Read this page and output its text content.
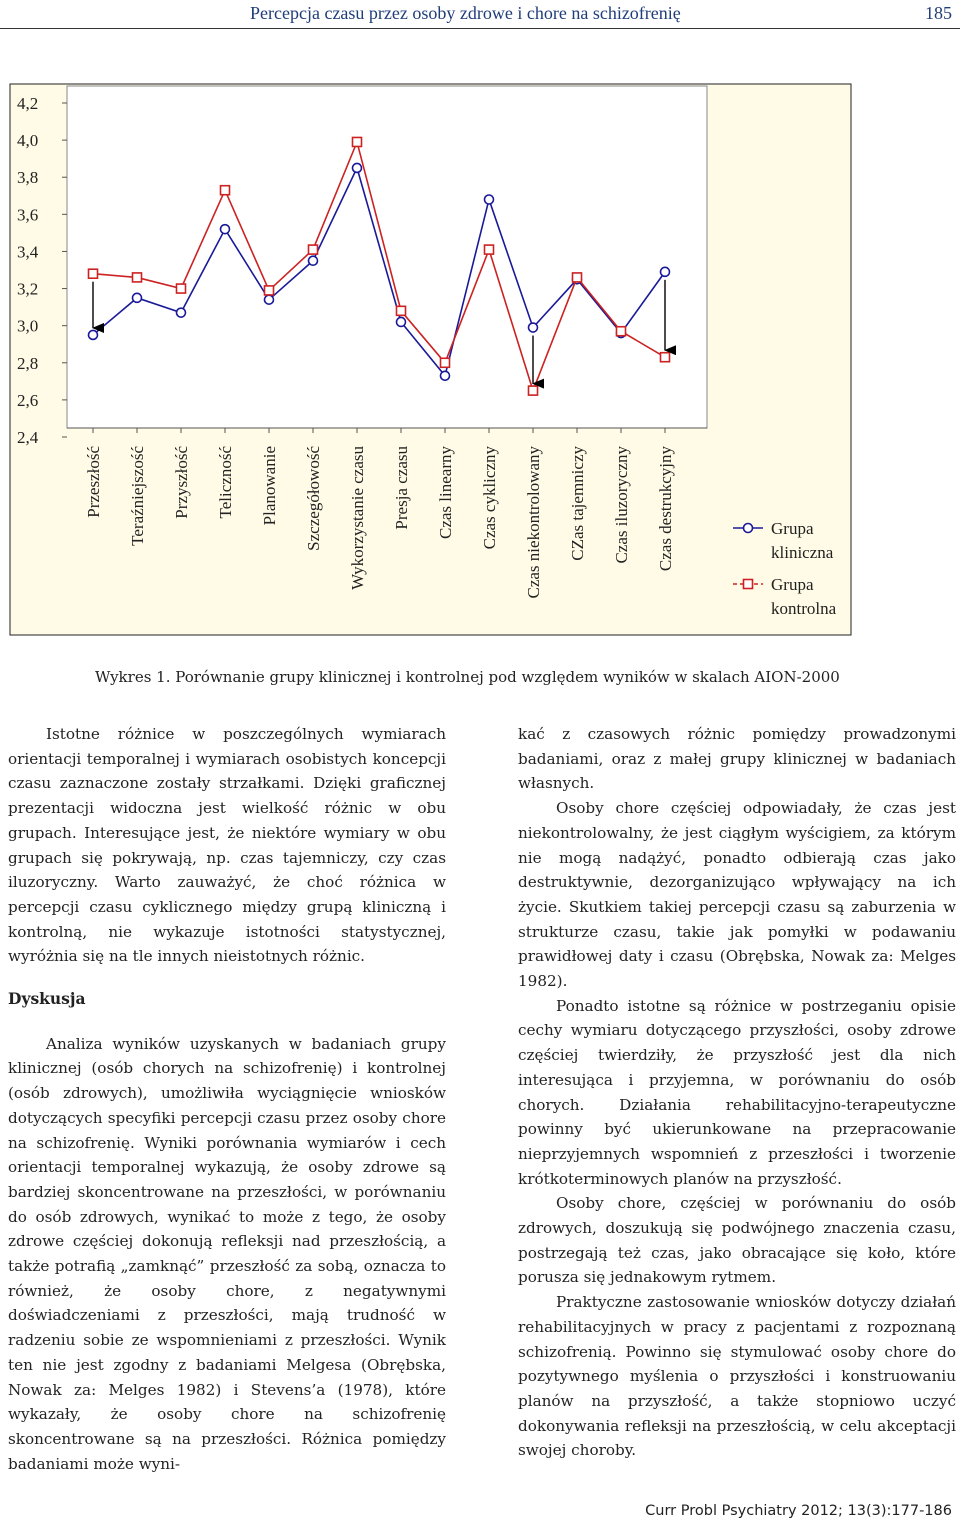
Percepcja czasu przez osoby zdrowe i chore na schizofrenię	185
4,2
4,0
3,8
3,6
3,4
3,2
3,0
2,8
2,6
2,4
Przeszłość Teraźniejszość Przyszłość Teliczność Planowanie Szczegółowość Wykorzystanie czasu Presja czasu Czas linearny Czas cykliczny Czas niekontrolowany CZas tajemniczy Czas iluzoryczny Czas destrukcyjny	Grupa
kliniczna
Grupa
kontrolna
Wykres 1. Porównanie grupy klinicznej i kontrolnej pod względem wyników w skalach AION-2000

Istotne różnice w poszczególnych wymiarach orientacji temporalnej i wymiarach osobistych koncepcji czasu zaznaczone zostały strzałkami. Dzięki graficznej prezentacji widoczna jest wielkość różnic w obu grupach. Interesujące jest, że niektóre wymiary w obu grupach się pokrywają, np. czas tajemniczy, czy czas iluzoryczny. Warto zauważyć, że choć różnica w percepcji czasu cyklicznego między grupą kliniczną i kontrolną, nie wykazuje istotności statystycznej, wyróżnia się na tle innych nieistotnych różnic.

Dyskusja

Analiza wyników uzyskanych w badaniach grupy klinicznej (osób chorych na schizofrenię) i kontrolnej (osób zdrowych), umożliwiła wyciągnięcie wniosków dotyczących specyfiki percepcji czasu przez osoby chore na schizofrenię. Wyniki porównania wymiarów i cech orientacji temporalnej wykazują, że osoby zdrowe są bardziej skoncentrowane na przeszłości, w porównaniu do osób zdrowych, wynikać to może z tego, że osoby zdrowe częściej dokonują refleksji nad przeszłością, a także potrafią „zamknąć” przeszłość za sobą, oznacza to również, że osoby chore, z negatywnymi doświadczeniami z przeszłości, mają trudność w radzeniu sobie ze wspomnieniami z przeszłości. Wynik ten nie jest zgodny z badaniami Melgesa (Obrębska, Nowak za: Melges 1982) i Stevens’a (1978), które wykazały, że osoby chore na schizofrenię skoncentrowane są na przeszłości. Różnica pomiędzy badaniami może wyni-

kać z czasowych różnic pomiędzy prowadzonymi badaniami, oraz z małej grupy klinicznej w badaniach własnych.

Osoby chore częściej odpowiadały, że czas jest niekontrolowalny, że jest ciągłym wyścigiem, za którym nie mogą nadążyć, ponadto odbierają czas jako destruktywnie, dezorganizująco wpływający na ich życie. Skutkiem takiej percepcji czasu są zaburzenia w strukturze czasu, takie jak pomyłki w podawaniu prawidłowej daty i czasu (Obrębska, Nowak za: Melges 1982).

Ponadto istotne są różnice w postrzeganiu opisie cechy wymiaru dotyczącego przyszłości, osoby zdrowe częściej twierdziły, że przyszłość jest dla nich interesująca i przyjemna, w porównaniu do osób chorych. Działania rehabilitacyjno-terapeutyczne powinny być ukierunkowane na przepracowanie nieprzyjemnych wspomnień z przeszłości i tworzenie krótkoterminowych planów na przyszłość.

Osoby chore, częściej w porównaniu do osób zdrowych, doszukują się podwójnego znaczenia czasu, postrzegają też czas, jako obracające się koło, które porusza się jednakowym rytmem.

Praktyczne zastosowanie wniosków dotyczy działań rehabilitacyjnych w pracy z pacjentami z rozpoznaną schizofrenią. Powinno się stymulować osoby chore do pozytywnego myślenia o przyszłości i konstruowaniu planów na przyszłość, a także stopniowo uczyć dokonywania refleksji na przeszłością, w celu akceptacji swojej choroby.

Curr Probl Psychiatry 2012; 13(3):177-186
